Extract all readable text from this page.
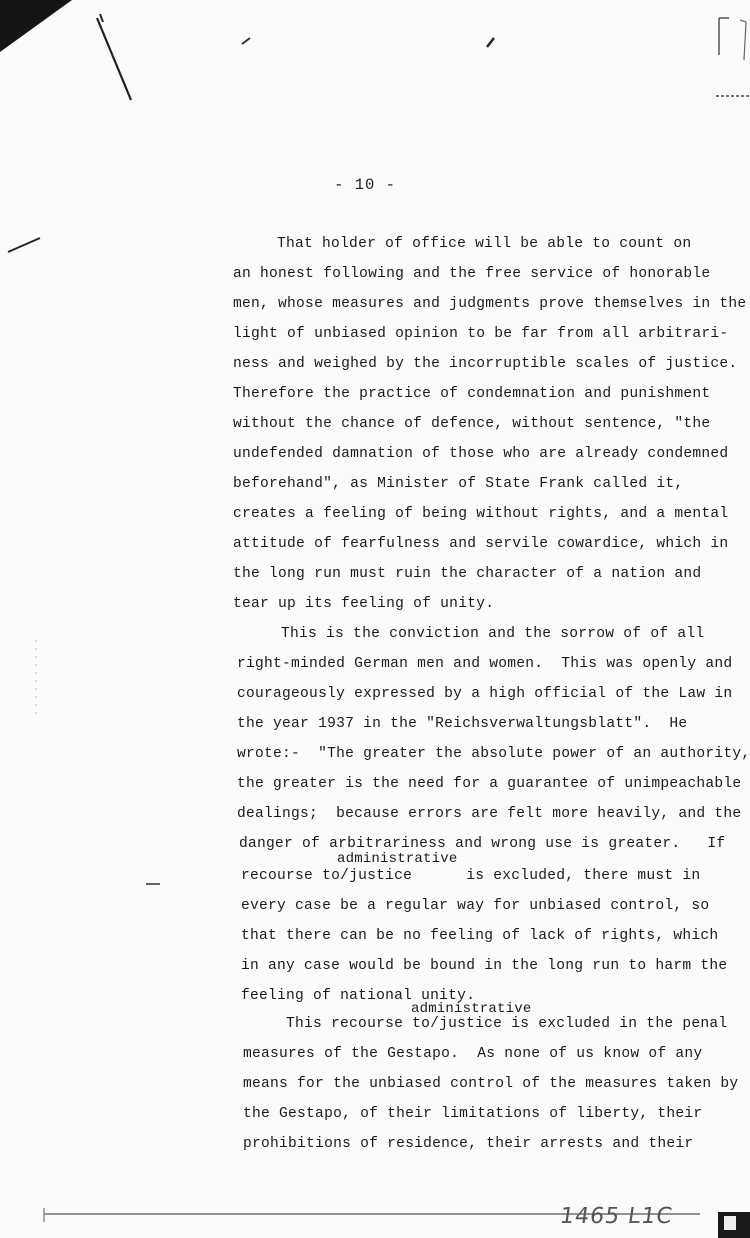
- 10 -
That holder of office will be able to count on
an honest following and the free service of honorable
men, whose measures and judgments prove themselves in the
light of unbiased opinion to be far from all arbitrari-
ness and weighed by the incorruptible scales of justice.
Therefore the practice of condemnation and punishment
without the chance of defence, without sentence, "the
undefended damnation of those who are already condemned
beforehand", as Minister of State Frank called it,
creates a feeling of being without rights, and a mental
attitude of fearfulness and servile cowardice, which in
the long run must ruin the character of a nation and
tear up its feeling of unity.
This is the conviction and the sorrow of of all
right-minded German men and women.  This was openly and
courageously expressed by a high official of the Law in
the year 1937 in the "Reichsverwaltungsblatt".  He
wrote:-  "The greater the absolute power of an authority,
the greater is the need for a guarantee of unimpeachable
dealings;  because errors are felt more heavily, and the
danger of arbitrariness and wrong use is greater.   If
administrative
recourse to/justice      is excluded, there must in
every case be a regular way for unbiased control, so
that there can be no feeling of lack of rights, which
in any case would be bound in the long run to harm the
feeling of national unity.
administrative
This recourse to/justice is excluded in the penal
measures of the Gestapo.  As none of us know of any
means for the unbiased control of the measures taken by
the Gestapo, of their limitations of liberty, their
prohibitions of residence, their arrests and their
1465 L1C
